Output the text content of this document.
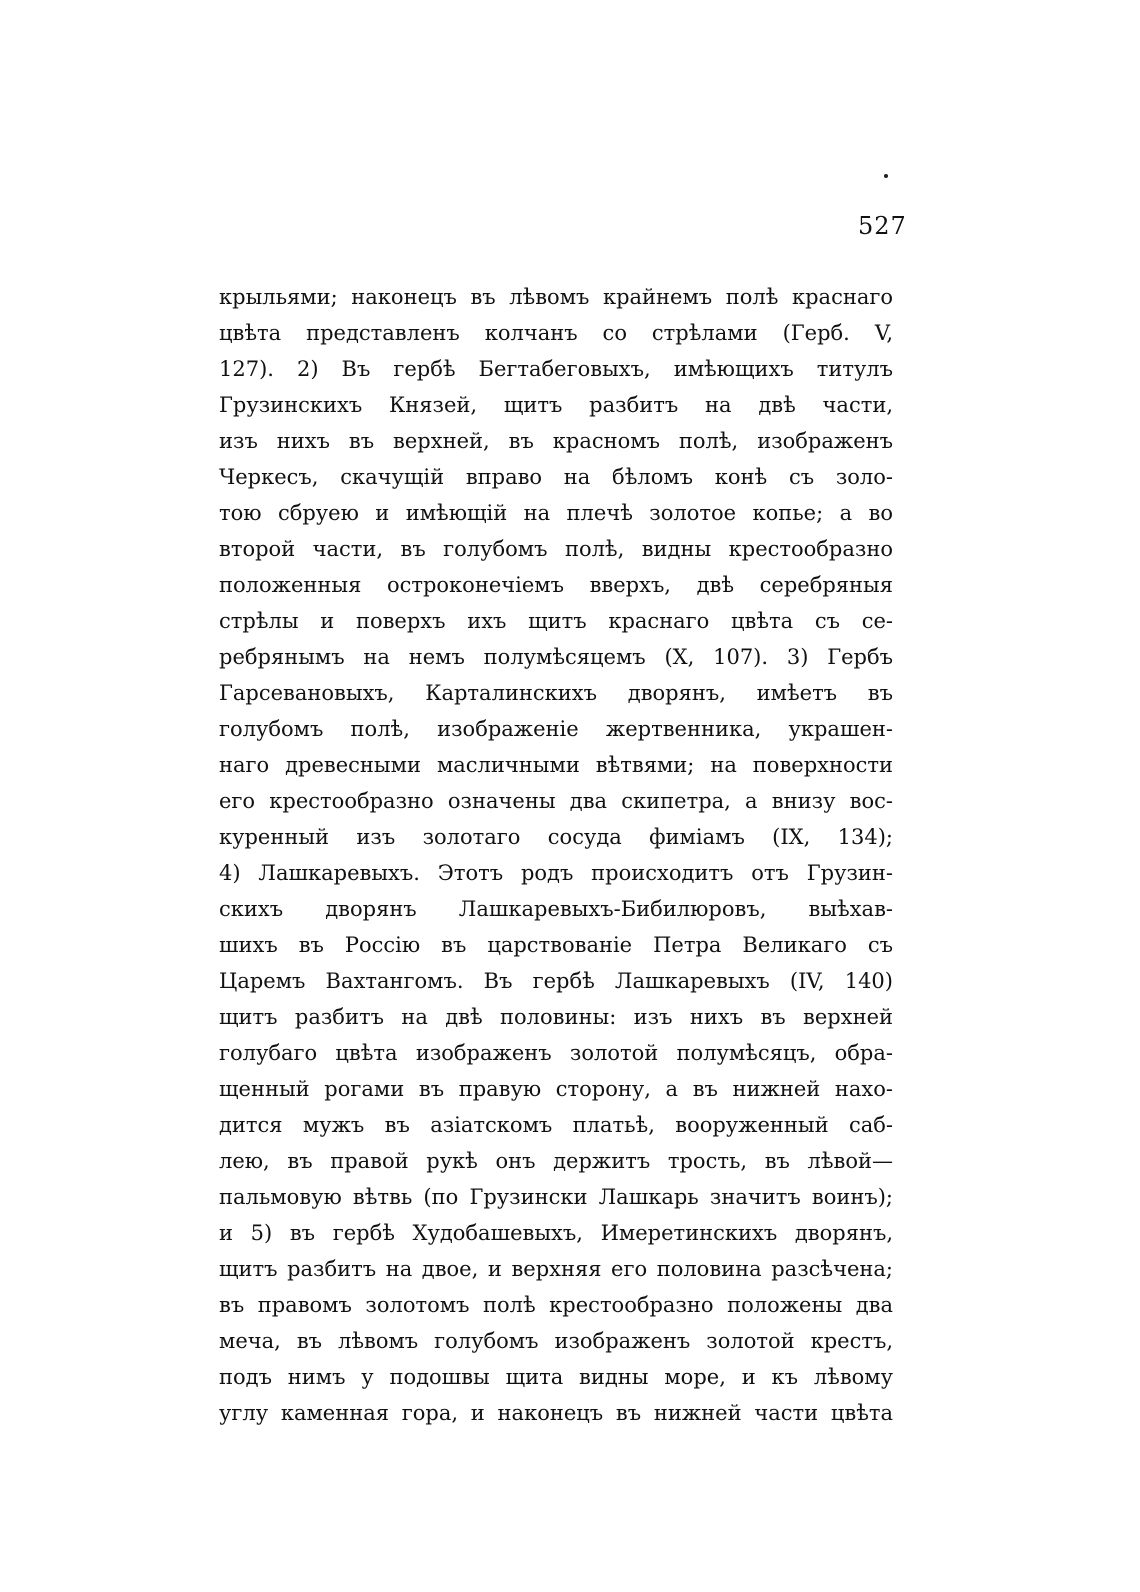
527
крыльями; наконецъ въ лѣвомъ крайнемъ полѣ краснаго
цвѣта представленъ колчанъ со стрѣлами (Герб. V,
127). 2) Въ гербѣ Бегтабеговыхъ, имѣющихъ титулъ
Грузинскихъ Князей, щитъ разбитъ на двѣ части,
изъ нихъ въ верхней, въ красномъ полѣ, изображенъ
Черкесъ, скачущій вправо на бѣломъ конѣ съ золо-
тою сбруею и имѣющій на плечѣ золотое копье; а во
второй части, въ голубомъ полѣ, видны крестообразно
положенныя остроконечіемъ вверхъ, двѣ серебряныя
стрѣлы и поверхъ ихъ щитъ краснаго цвѣта съ се-
ребрянымъ на немъ полумѣсяцемъ (X, 107). 3) Гербъ
Гарсевановыхъ, Карталинскихъ дворянъ, имѣетъ въ
голубомъ полѣ, изображеніе жертвенника, украшен-
наго древесными масличными вѣтвями; на поверхности
его крестообразно означены два скипетра, а внизу вос-
куренный изъ золотаго сосуда фиміамъ (IX, 134);
4) Лашкаревыхъ. Этотъ родъ происходитъ отъ Грузин-
скихъ дворянъ Лашкаревыхъ-Бибилюровъ, выѣхав-
шихъ въ Россію въ царствованіе Петра Великаго съ
Царемъ Вахтангомъ. Въ гербѣ Лашкаревыхъ (IV, 140)
щитъ разбитъ на двѣ половины: изъ нихъ въ верхней
голубаго цвѣта изображенъ золотой полумѣсяцъ, обра-
щенный рогами въ правую сторону, а въ нижней нахо-
дится мужъ въ азіатскомъ платьѣ, вооруженный саб-
лею, въ правой рукѣ онъ держитъ трость, въ лѣвой—
пальмовую вѣтвь (по Грузински Лашкарь значитъ воинъ);
и 5) въ гербѣ Худобашевыхъ, Имеретинскихъ дворянъ,
щитъ разбитъ на двое, и верхняя его половина разсѣчена;
въ правомъ золотомъ полѣ крестообразно положены два
меча, въ лѣвомъ голубомъ изображенъ золотой крестъ,
подъ нимъ у подошвы щита видны море, и къ лѣвому
углу каменная гора, и наконецъ въ нижней части цвѣта
